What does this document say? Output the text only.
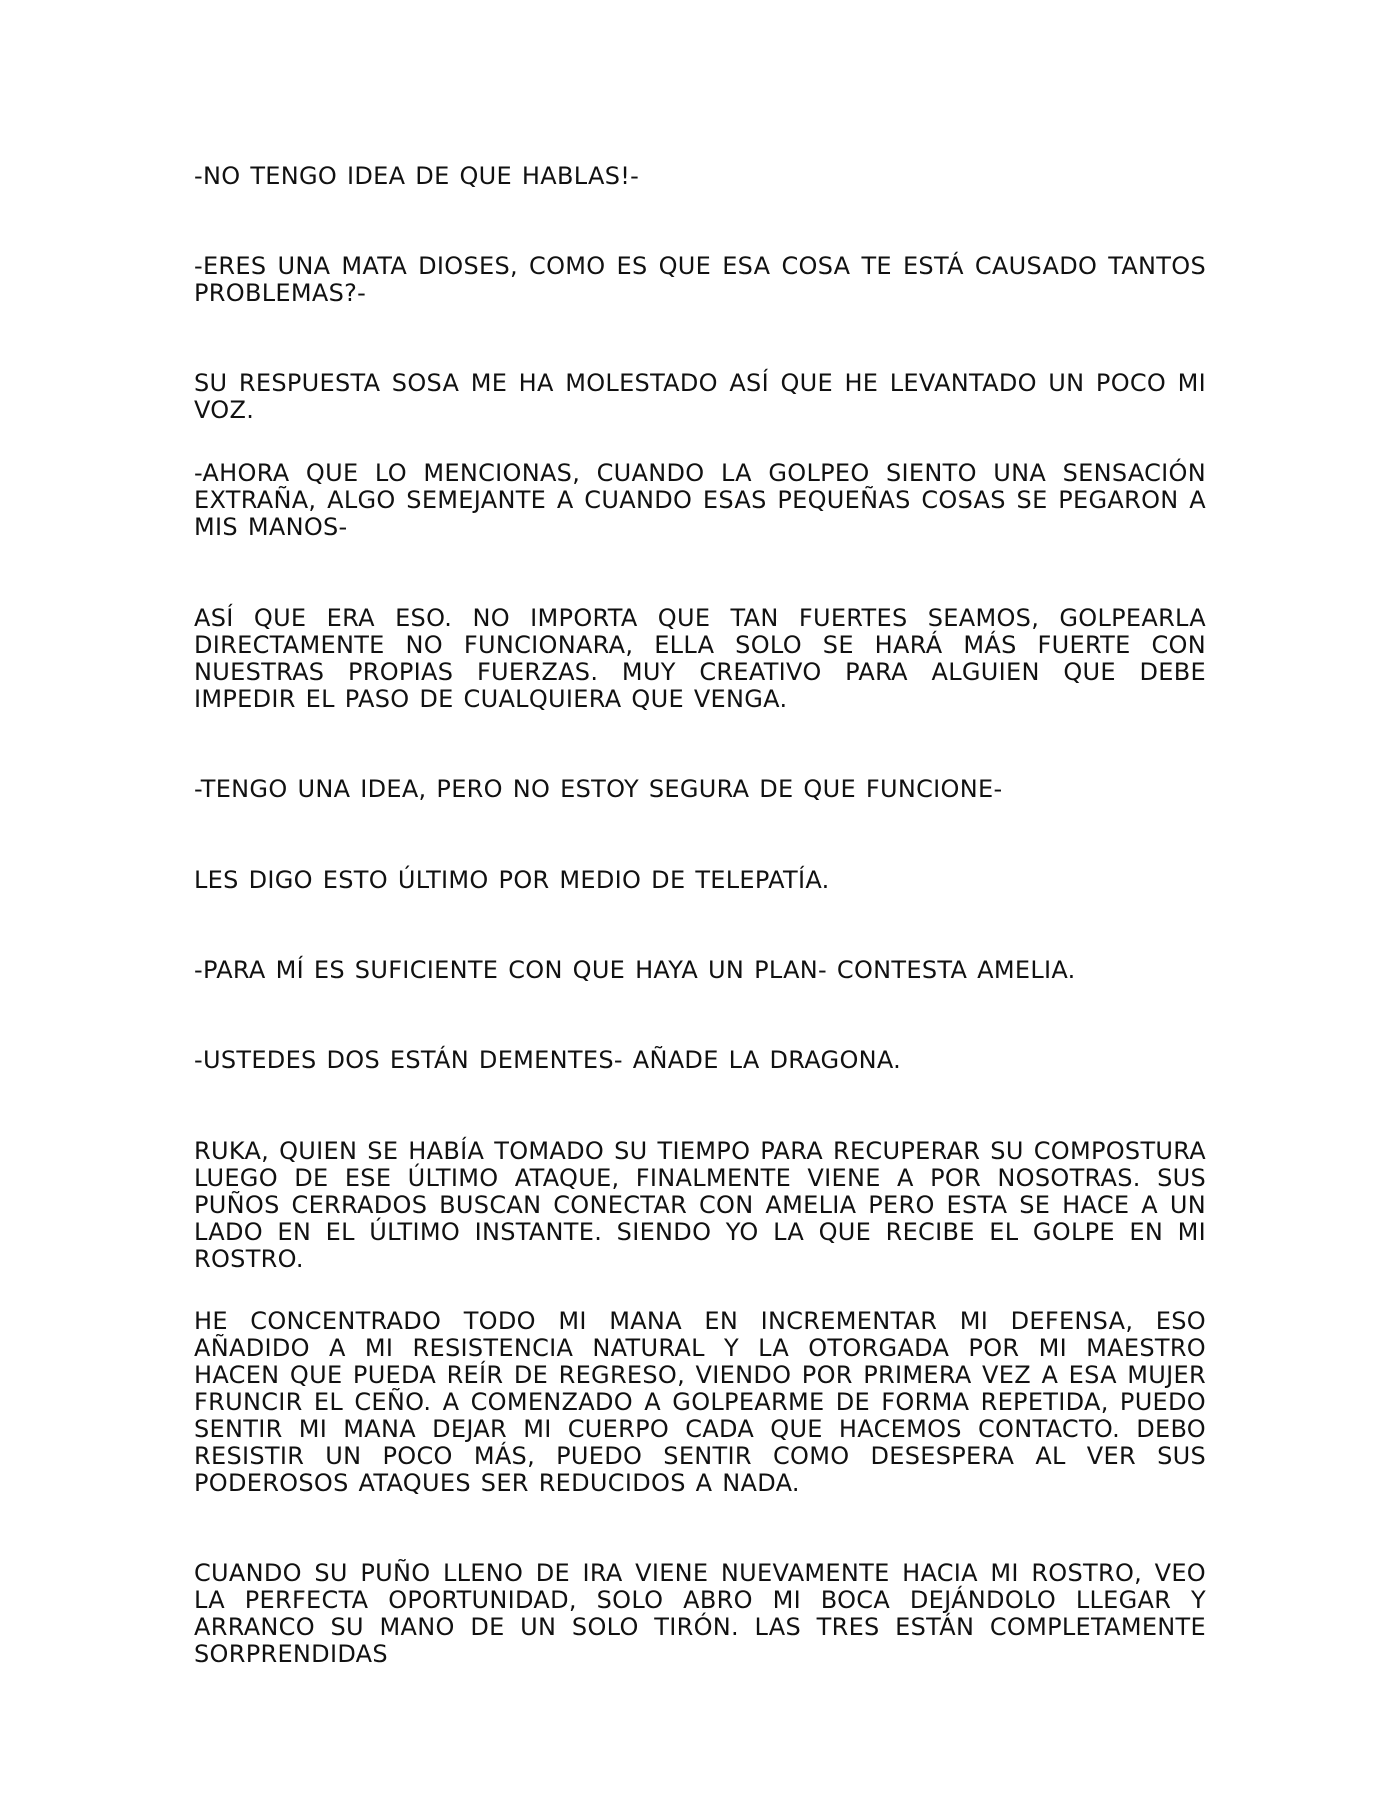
-NO TENGO IDEA DE QUE HABLAS!-

-ERES UNA MATA DIOSES, COMO ES QUE ESA COSA TE ESTÁ CAUSADO TANTOS PROBLEMAS?-

SU RESPUESTA SOSA ME HA MOLESTADO ASÍ QUE HE LEVANTADO UN POCO MI VOZ.

-AHORA QUE LO MENCIONAS, CUANDO LA GOLPEO SIENTO UNA SENSACIÓN EXTRAÑA, ALGO SEMEJANTE A CUANDO ESAS PEQUEÑAS COSAS SE PEGARON A MIS MANOS-

ASÍ QUE ERA ESO. NO IMPORTA QUE TAN FUERTES SEAMOS, GOLPEARLA DIRECTAMENTE NO FUNCIONARA, ELLA SOLO SE HARÁ MÁS FUERTE CON NUESTRAS PROPIAS FUERZAS. MUY CREATIVO PARA ALGUIEN QUE DEBE IMPEDIR EL PASO DE CUALQUIERA QUE VENGA.

-TENGO UNA IDEA, PERO NO ESTOY SEGURA DE QUE FUNCIONE-

LES DIGO ESTO ÚLTIMO POR MEDIO DE TELEPATÍA.

-PARA MÍ ES SUFICIENTE CON QUE HAYA UN PLAN- CONTESTA AMELIA.

-USTEDES DOS ESTÁN DEMENTES- AÑADE LA DRAGONA.

RUKA, QUIEN SE HABÍA TOMADO SU TIEMPO PARA RECUPERAR SU COMPOSTURA LUEGO DE ESE ÚLTIMO ATAQUE, FINALMENTE VIENE A POR NOSOTRAS. SUS PUÑOS CERRADOS BUSCAN CONECTAR CON AMELIA PERO ESTA SE HACE A UN LADO EN EL ÚLTIMO INSTANTE. SIENDO YO LA QUE RECIBE EL GOLPE EN MI ROSTRO.

HE CONCENTRADO TODO MI MANA EN INCREMENTAR MI DEFENSA, ESO AÑADIDO A MI RESISTENCIA NATURAL Y LA OTORGADA POR MI MAESTRO HACEN QUE PUEDA REÍR DE REGRESO, VIENDO POR PRIMERA VEZ A ESA MUJER FRUNCIR EL CEÑO. A COMENZADO A GOLPEARME DE FORMA REPETIDA, PUEDO SENTIR MI MANA DEJAR MI CUERPO CADA QUE HACEMOS CONTACTO. DEBO RESISTIR UN POCO MÁS, PUEDO SENTIR COMO DESESPERA AL VER SUS PODEROSOS ATAQUES SER REDUCIDOS A NADA.

CUANDO SU PUÑO LLENO DE IRA VIENE NUEVAMENTE HACIA MI ROSTRO, VEO LA PERFECTA OPORTUNIDAD, SOLO ABRO MI BOCA DEJÁNDOLO LLEGAR Y ARRANCO SU MANO DE UN SOLO TIRÓN. LAS TRES ESTÁN COMPLETAMENTE SORPRENDIDAS
